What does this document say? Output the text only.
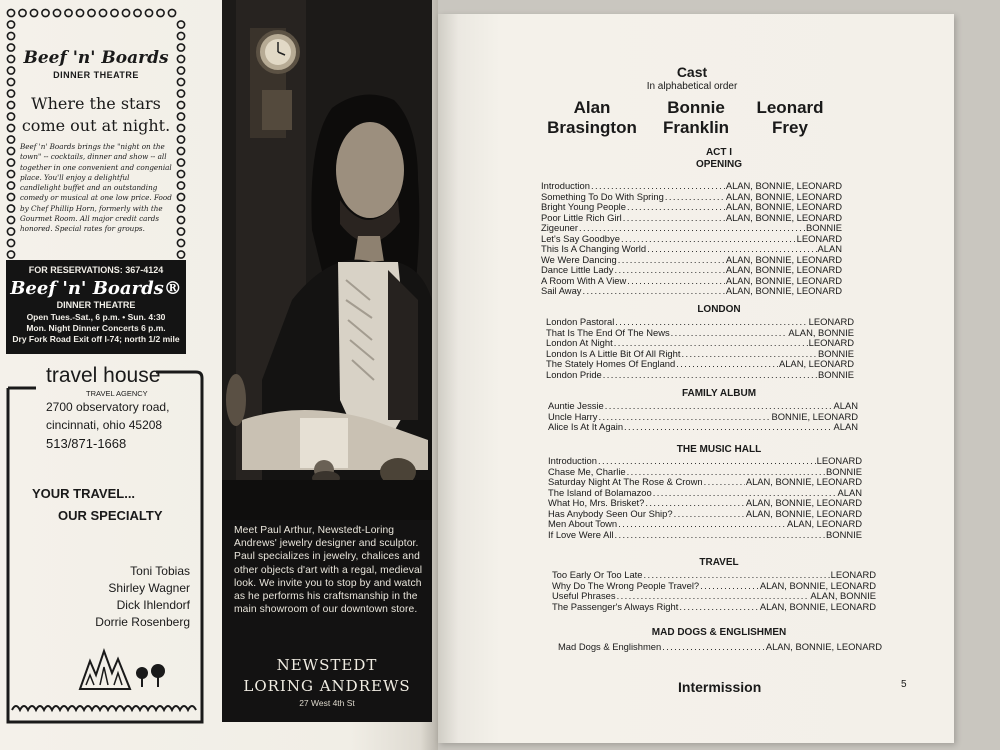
Beef 'n' Boards
DINNER THEATRE
Where the stars
come out at night.
Beef 'n' Boards brings the "night on the town" -- cocktails, dinner and show -- all together in one convenient and congenial place. You'll enjoy a delightful candlelight buffet and an outstanding comedy or musical at one low price. Food by Chef Phillip Horn, formerly with the Gourmet Room. All major credit cards honored. Special rates for groups.
FOR RESERVATIONS: 367-4124
Beef 'n' Boards®
DINNER THEATRE
Open Tues.-Sat., 6 p.m. • Sun. 4:30
Mon. Night Dinner Concerts 6 p.m.
Dry Fork Road Exit off I-74; north 1/2 mile
travel house
TRAVEL AGENCY
2700 observatory road,
cincinnati, ohio 45208
513/871-1668
YOUR TRAVEL...
OUR SPECIALTY
Toni Tobias
Shirley Wagner
Dick Ihlendorf
Dorrie Rosenberg
Meet Paul Arthur, Newstedt-Loring Andrews' jewelry designer and sculptor. Paul specializes in jewelry, chalices and other objects d'art with a regal, medieval look. We invite you to stop by and watch as he performs his craftsmanship in the main showroom of our downtown store.
NEWSTEDT
LORING ANDREWS
27 West 4th St
Cast
In alphabetical order
Alan
Brasington
Bonnie
Franklin
Leonard
Frey
ACT I
OPENING
Introduction .....	ALAN, BONNIE, LEONARD
Something To Do With Spring .....	ALAN, BONNIE, LEONARD
Bright Young People .....	ALAN, BONNIE, LEONARD
Poor Little Rich Girl .....	ALAN, BONNIE, LEONARD
Zigeuner .....	BONNIE
Let's Say Goodbye .....	LEONARD
This Is A Changing World .....	ALAN
We Were Dancing .....	ALAN, BONNIE, LEONARD
Dance Little Lady .....	ALAN, BONNIE, LEONARD
A Room With A View .....	ALAN, BONNIE, LEONARD
Sail Away .....	ALAN, BONNIE, LEONARD
LONDON
London Pastoral .....	LEONARD
That Is The End Of The News .....	ALAN, BONNIE
London At Night .....	LEONARD
London Is A Little Bit Of All Right .....	BONNIE
The Stately Homes Of England .....	ALAN, LEONARD
London Pride .....	BONNIE
FAMILY ALBUM
Auntie Jessie .....	ALAN
Uncle Harry .....	BONNIE, LEONARD
Alice Is At It Again .....	ALAN
THE MUSIC HALL
Introduction .....	LEONARD
Chase Me, Charlie .....	BONNIE
Saturday Night At The Rose & Crown .....	ALAN, BONNIE, LEONARD
The Island of Bolamazoo .....	ALAN
What Ho, Mrs. Brisket? .....	ALAN, BONNIE, LEONARD
Has Anybody Seen Our Ship? .....	ALAN, BONNIE, LEONARD
Men About Town .....	ALAN, LEONARD
If Love Were All .....	BONNIE
TRAVEL
Too Early Or Too Late .....	LEONARD
Why Do The Wrong People Travel? .....	ALAN, BONNIE, LEONARD
Useful Phrases .....	ALAN, BONNIE
The Passenger's Always Right .....	ALAN, BONNIE, LEONARD
MAD DOGS & ENGLISHMEN
Mad Dogs & Englishmen .....	ALAN, BONNIE, LEONARD
Intermission	5
